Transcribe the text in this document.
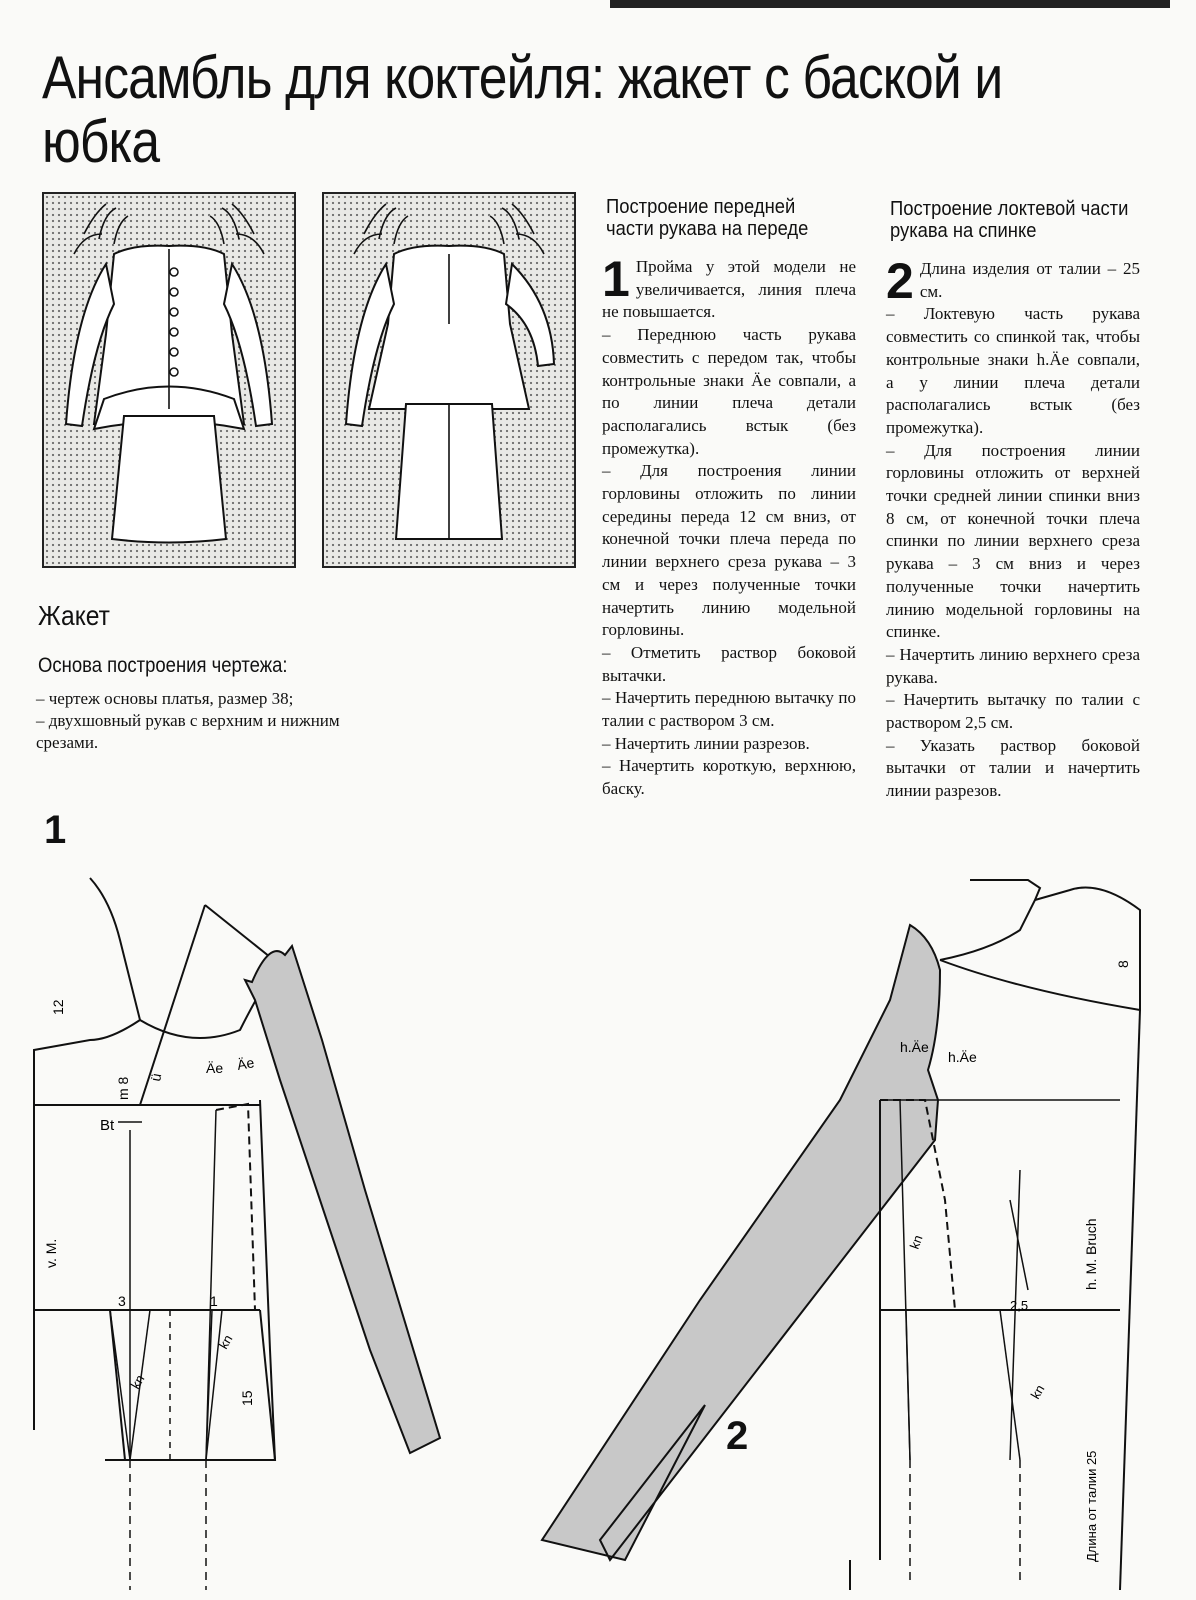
Ансамбль для коктейля: жакет с баской и юбка
Построение передней части рукава на переде

1 Пройма у этой модели не увеличивается, линия плеча не повышается.

– Переднюю часть рукава совместить с передом так, чтобы контрольные знаки Äe совпали, а по линии плеча детали располагались встык (без промежутка).

– Для построения линии горловины отложить по линии середины переда 12 см вниз, от конечной точки плеча переда по линии верхнего среза рукава – 3 см и через полученные точки начертить линию модельной горловины.

– Отметить раствор боковой вытачки.

– Начертить переднюю вытачку по талии с раствором 3 см.

– Начертить линии разрезов.

– Начертить короткую, верхнюю, баску.

Построение локтевой части рукава на спинке

2 Длина изделия от талии – 25 см.

– Локтевую часть рукава совместить со спинкой так, чтобы контрольные знаки h.Äe совпали, а у линии плеча детали располагались встык (без промежутка).

– Для построения линии горловины отложить от верхней точки средней линии спинки вниз 8 см, от конечной точки плеча спинки по линии верхнего среза рукава – 3 см вниз и через полученные точки начертить линию модельной горловины на спинке.

– Начертить линию верхнего среза рукава.

– Начертить вытачку по талии с раствором 2,5 см.

– Указать раствор боковой вытачки от талии и начертить линии разрезов.

Жакет
Основа построения чертежа:

– чертеж основы платья, размер 38;

– двухшовный рукав с верхним и нижним срезами.

1
2
12
m 8 ü
Äe Äe
Bt
v. M.
3	1
kn
kn
15
h.Äe
h.Äe
8
h. M. Bruch
kn
2,5
kn
Длина от талии 25
